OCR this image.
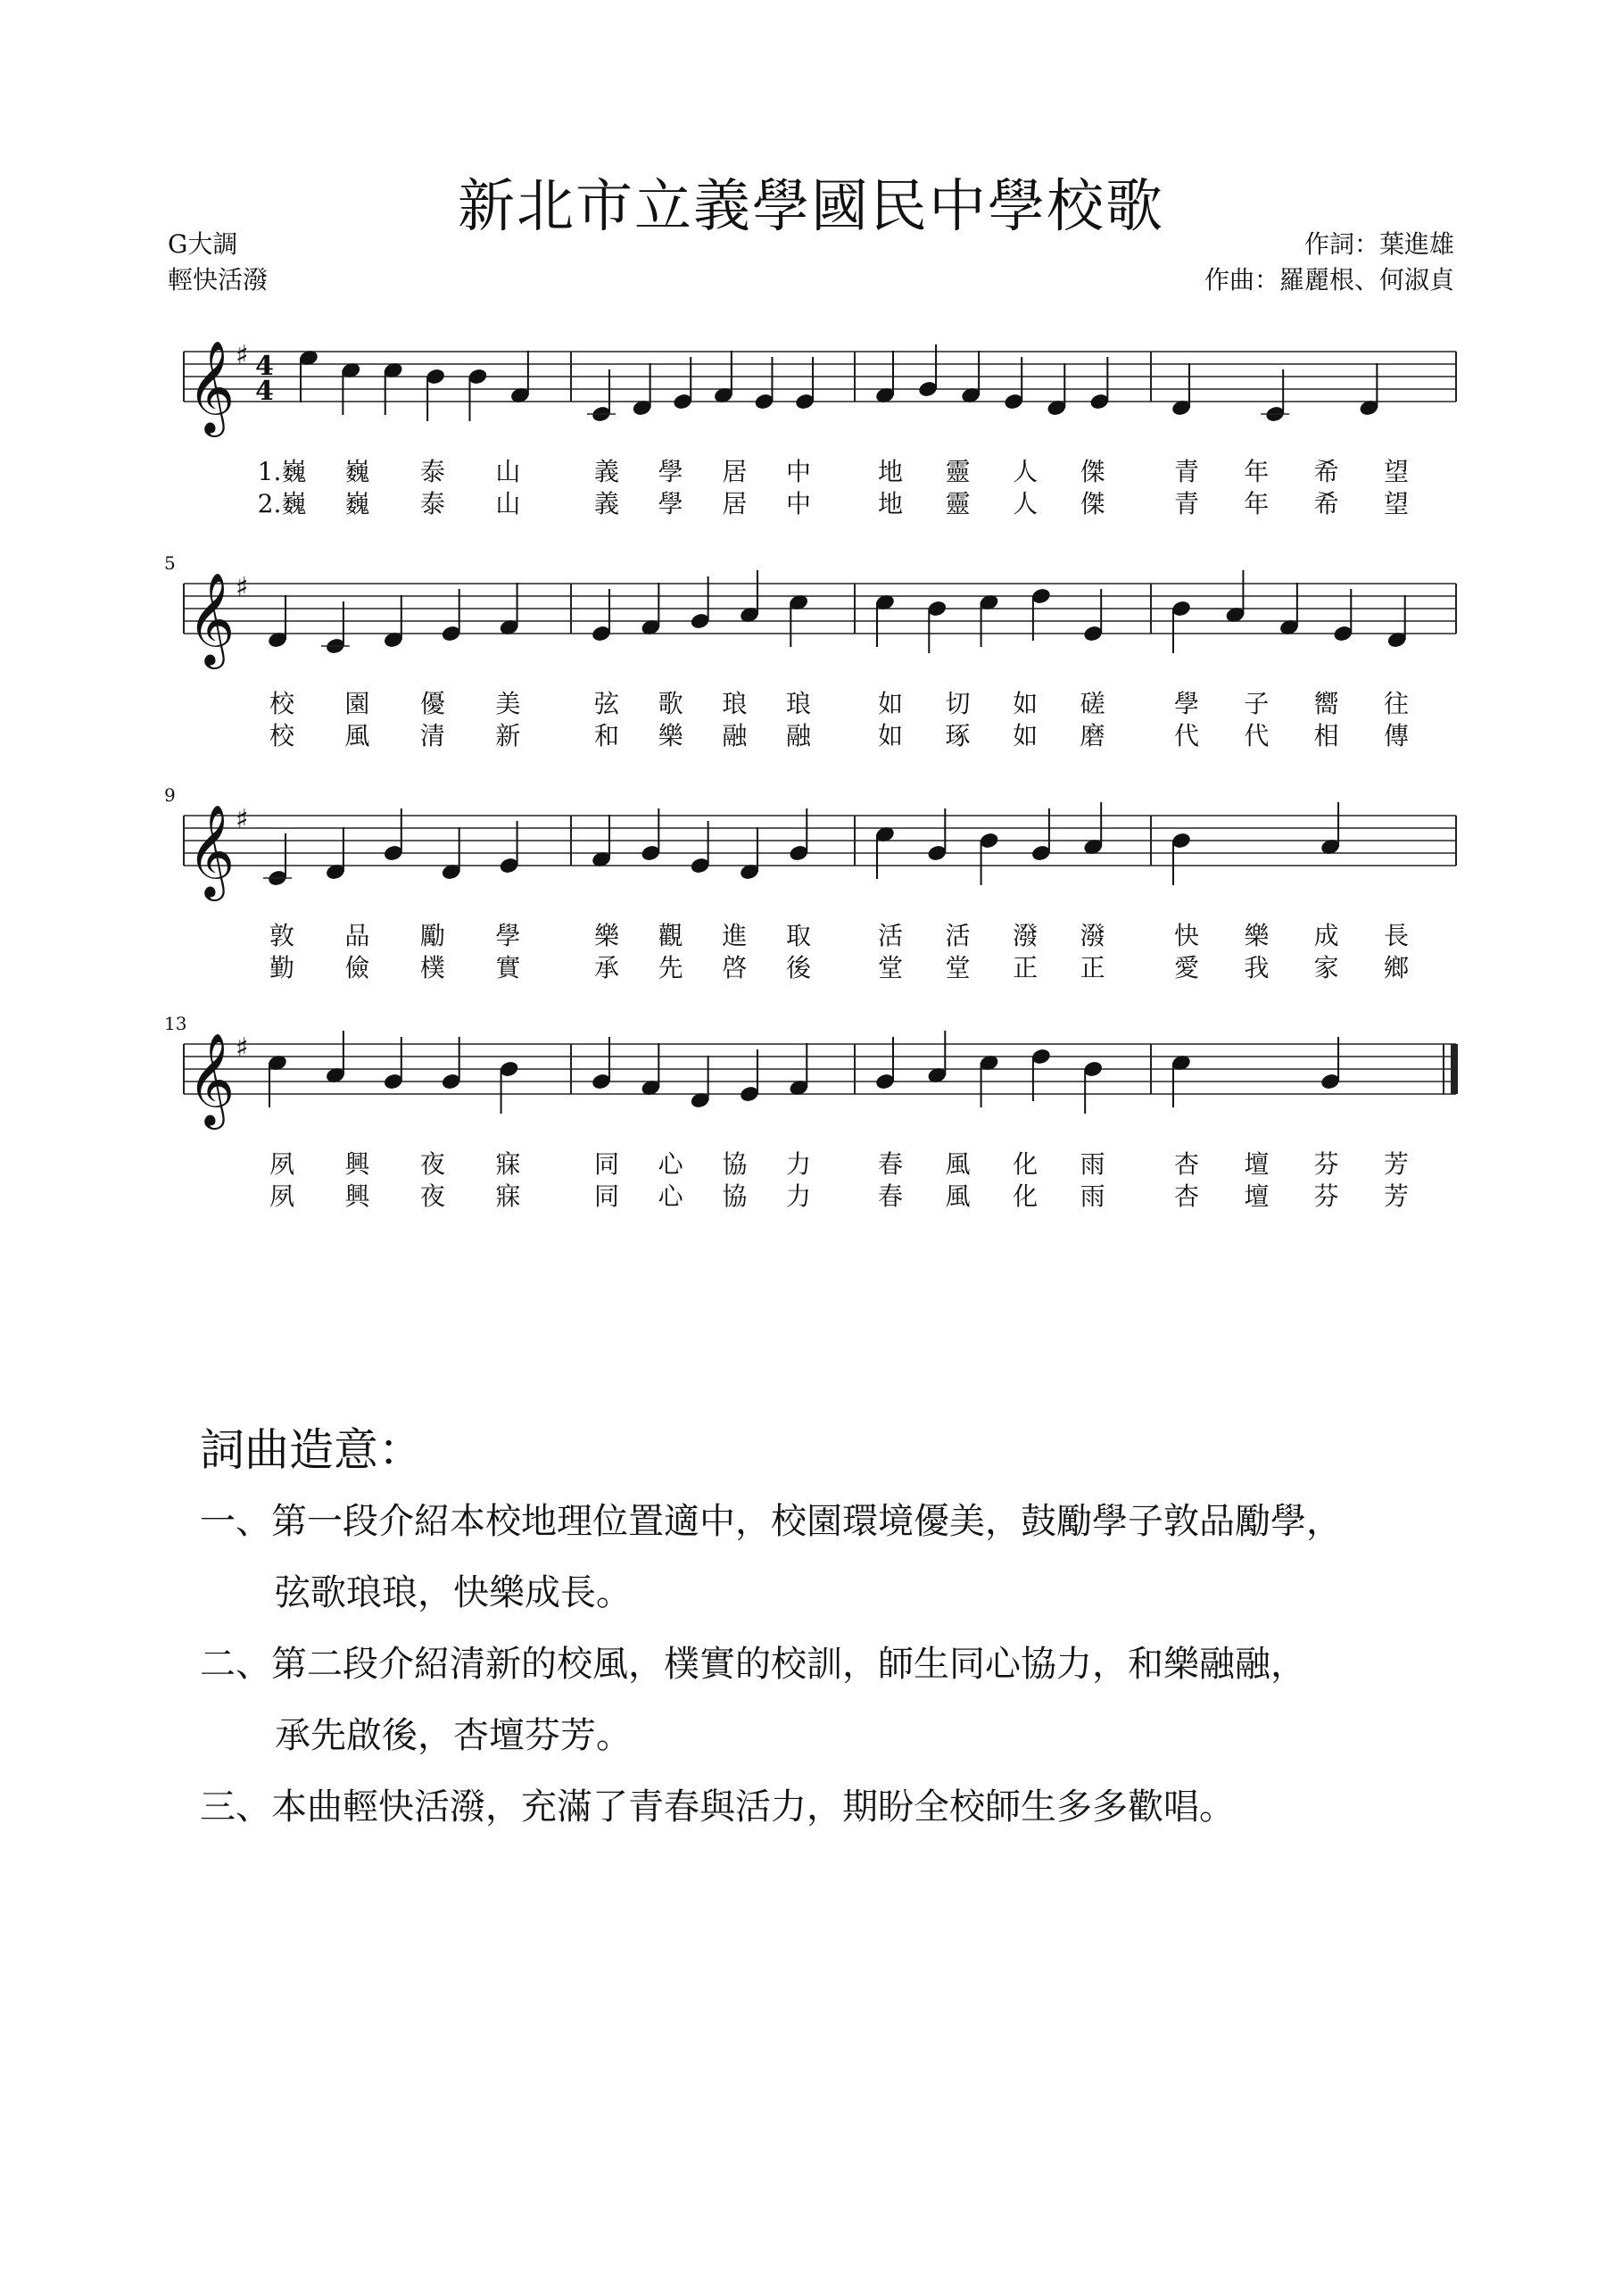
新北市立義學國民中學校歌
G大調
輕快活潑
作詞：葉進雄
作曲：羅麗根、何淑貞
𝄞 ♯ 4
4
1.巍 巍 泰 山	義 學 居 中	地 靈 人 傑	青 年 希 望
2.巍 巍 泰 山	義 學 居 中	地 靈 人 傑	青 年 希 望
𝄞 ♯
5
校 園 優 美	弦 歌 琅 琅	如 切 如 磋	學 子 嚮 往
校 風 清 新	和 樂 融 融	如 琢 如 磨	代 代 相 傳
𝄞 ♯
9
敦 品 勵 學	樂 觀 進 取	活 活 潑 潑	快 樂 成 長
勤 儉 樸 實	承 先 啓 後	堂 堂 正 正	愛 我 家 鄉
𝄞 ♯
13
夙 興 夜 寐	同 心 協 力	春 風 化 雨	杏 壇 芬 芳
夙 興 夜 寐	同 心 協 力	春 風 化 雨	杏 壇 芬 芳
詞曲造意：
一、第一段介紹本校地理位置適中，校園環境優美，鼓勵學子敦品勵學，
弦歌琅琅，快樂成長。
二、第二段介紹清新的校風，樸實的校訓，師生同心協力，和樂融融，
承先啟後，杏壇芬芳。
三、本曲輕快活潑，充滿了青春與活力，期盼全校師生多多歡唱。
